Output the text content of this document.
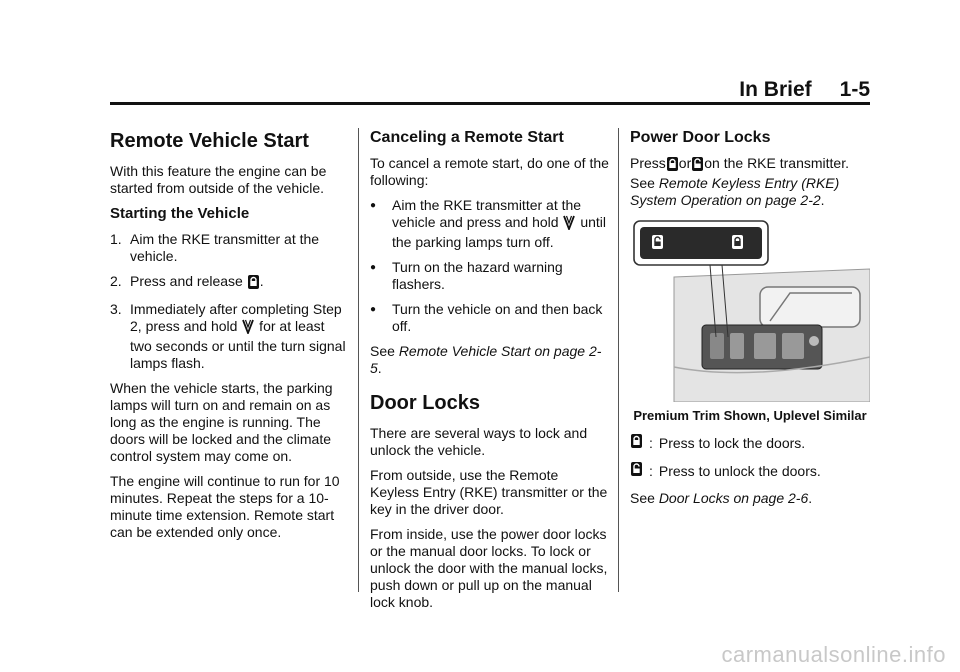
In Brief 1-5
Remote Vehicle Start

With this feature the engine can be started from outside of the vehicle.

Starting the Vehicle
1. Aim the RKE transmitter at the vehicle.
2. Press and release .
3. Immediately after completing Step 2, press and hold  for at least two seconds or until the turn signal lamps flash.

When the vehicle starts, the parking lamps will turn on and remain on as long as the engine is running. The doors will be locked and the climate control system may come on.

The engine will continue to run for 10 minutes. Repeat the steps for a 10-minute time extension. Remote start can be extended only once.

Canceling a Remote Start

To cancel a remote start, do one of the following:

●	Aim the RKE transmitter at the vehicle and press and hold  until the parking lamps turn off.
●	Turn on the hazard warning flashers.
●	Turn the vehicle on and then back off.

See Remote Vehicle Start on page 2-5.

Door Locks

There are several ways to lock and unlock the vehicle.

From outside, use the Remote Keyless Entry (RKE) transmitter or the key in the driver door.

From inside, use the power door locks or the manual door locks. To lock or unlock the door with the manual locks, push down or pull up on the manual lock knob.

Power Door Locks

Press or on the RKE transmitter. See Remote Keyless Entry (RKE) System Operation on page 2-2.

Premium Trim Shown, Uplevel Similar
: Press to lock the doors.
: Press to unlock the doors.

See Door Locks on page 2-6.

carmanualsonline.info
